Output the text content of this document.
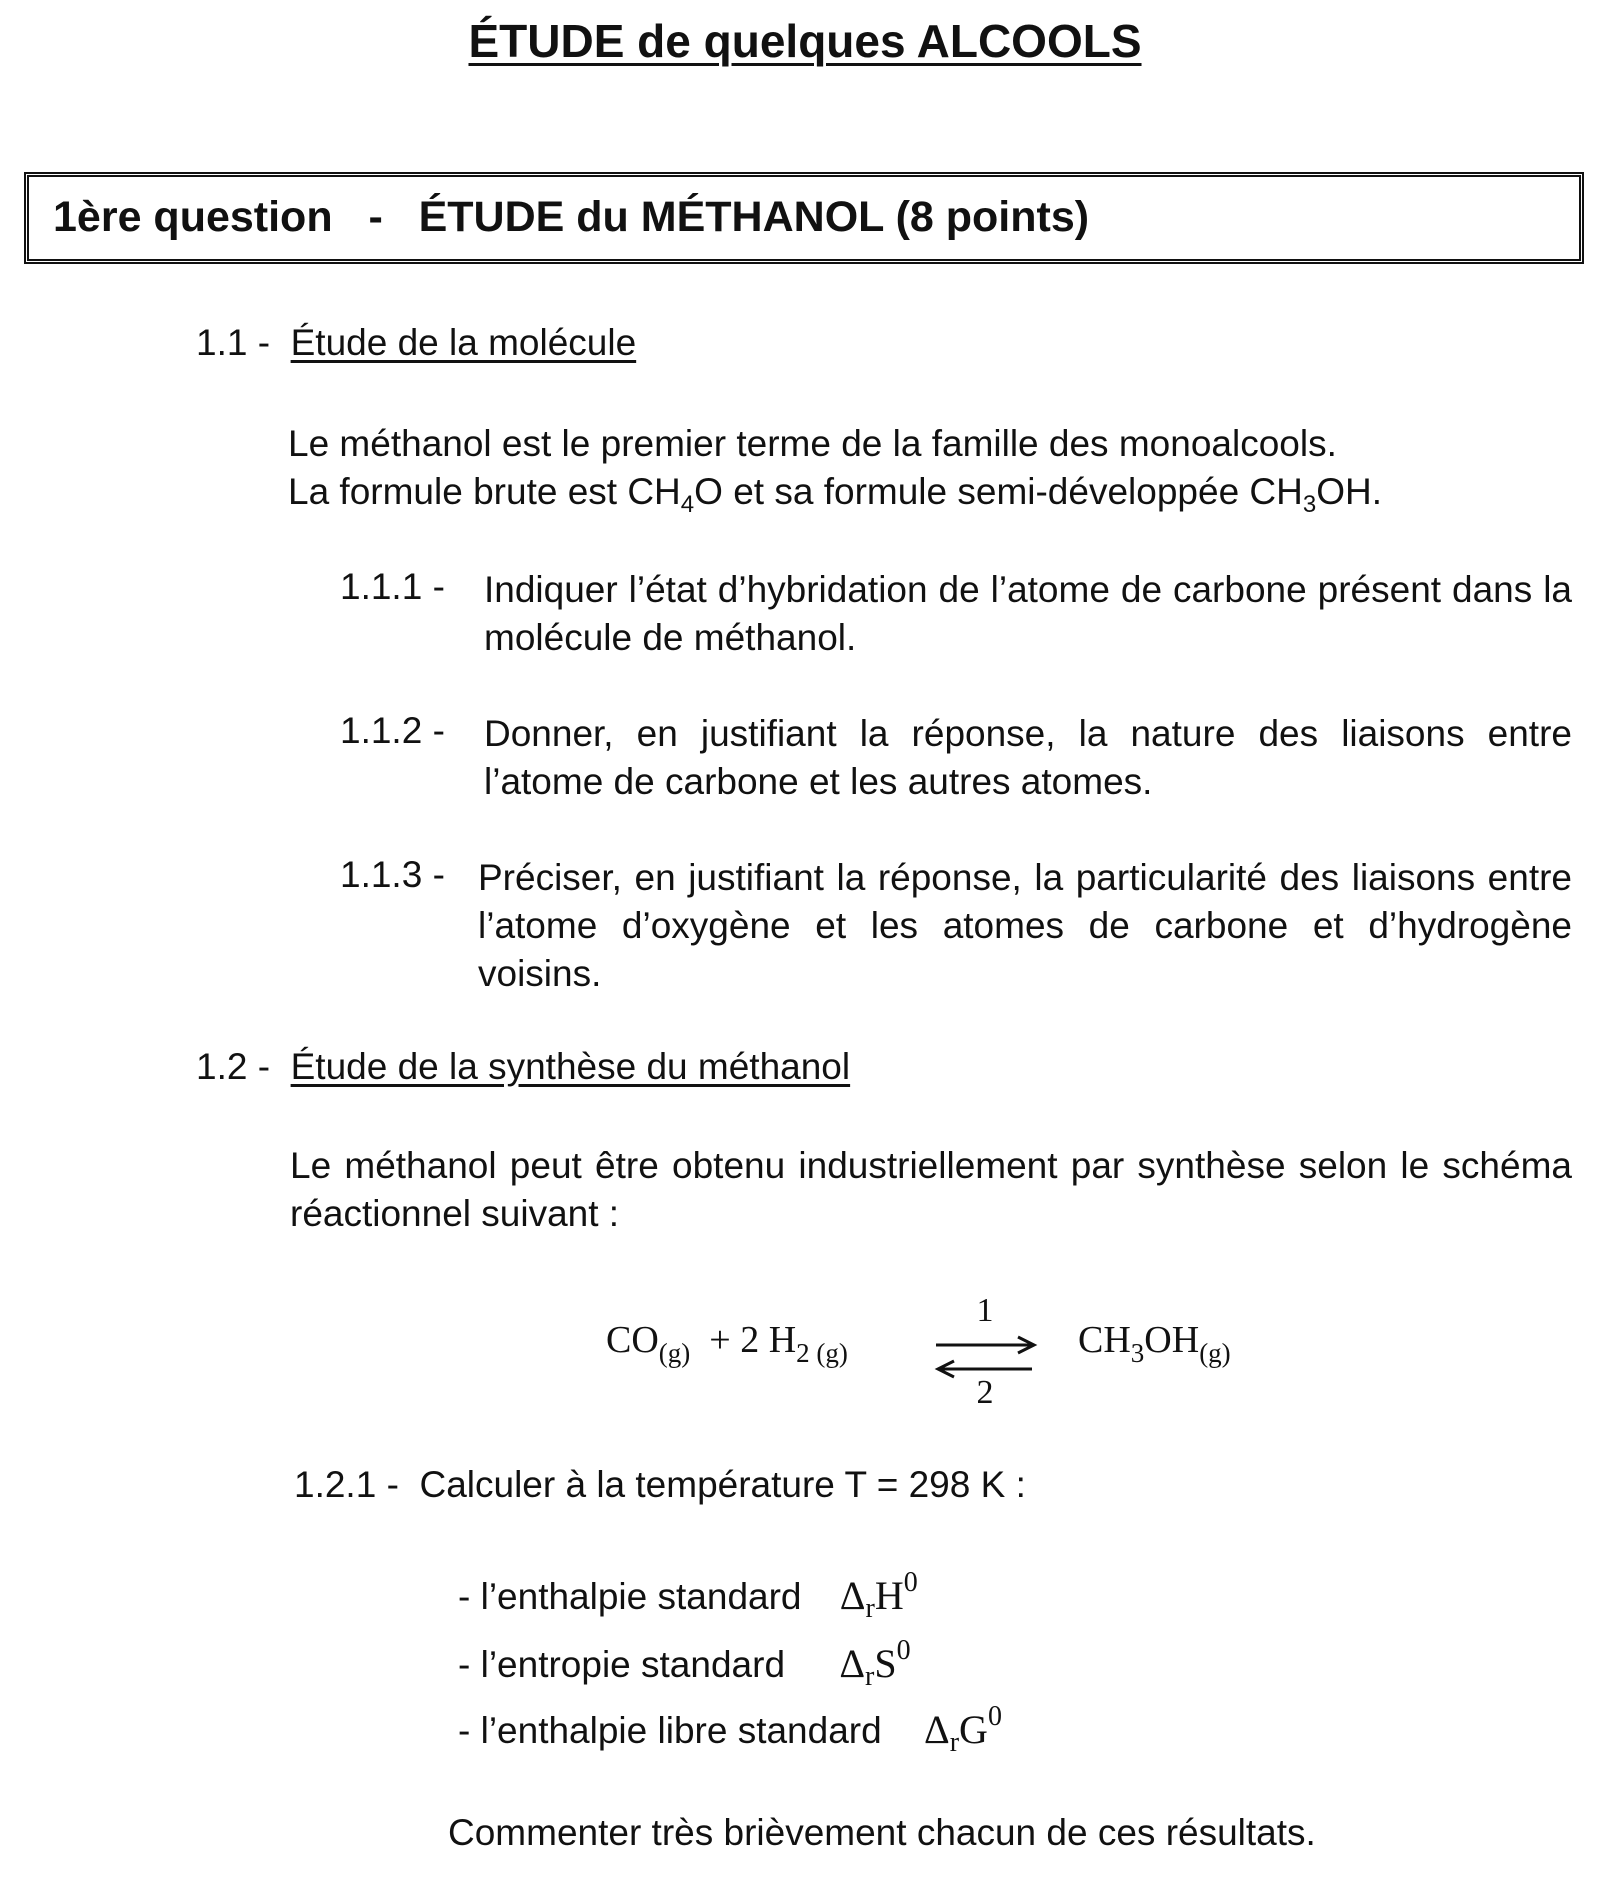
ÉTUDE de quelques ALCOOLS
1ère question - ÉTUDE du MÉTHANOL (8 points)
1.1 - Étude de la molécule
Le méthanol est le premier terme de la famille des monoalcools.
La formule brute est $CH_4O$ et sa formule semi-développée $CH_3OH$.
1.1.1 - Indiquer l’état d’hybridation de l’atome de carbone présent dans la molécule de méthanol.
1.1.2 - Donner, en justifiant la réponse, la nature des liaisons entre l’atome de carbone et les autres atomes.
1.1.3 - Préciser, en justifiant la réponse, la particularité des liaisons entre l’atome d’oxygène et les atomes de carbone et d’hydrogène voisins.
1.2 - Étude de la synthèse du méthanol
Le méthanol peut être obtenu industriellement par synthèse selon le schéma réactionnel suivant :
$CO_{(g)} + 2$ $H_{2 (g)}$
1
2
$CH_3OH_{(g)}$
1.2.1 - Calculer à la température T = 298 K :
- l’enthalpie standard $\Delta_rH^0$
- l’entropie standard $\Delta_rS^0$
- l’enthalpie libre standard $\Delta_rG^0$
Commenter très brièvement chacun de ces résultats.
